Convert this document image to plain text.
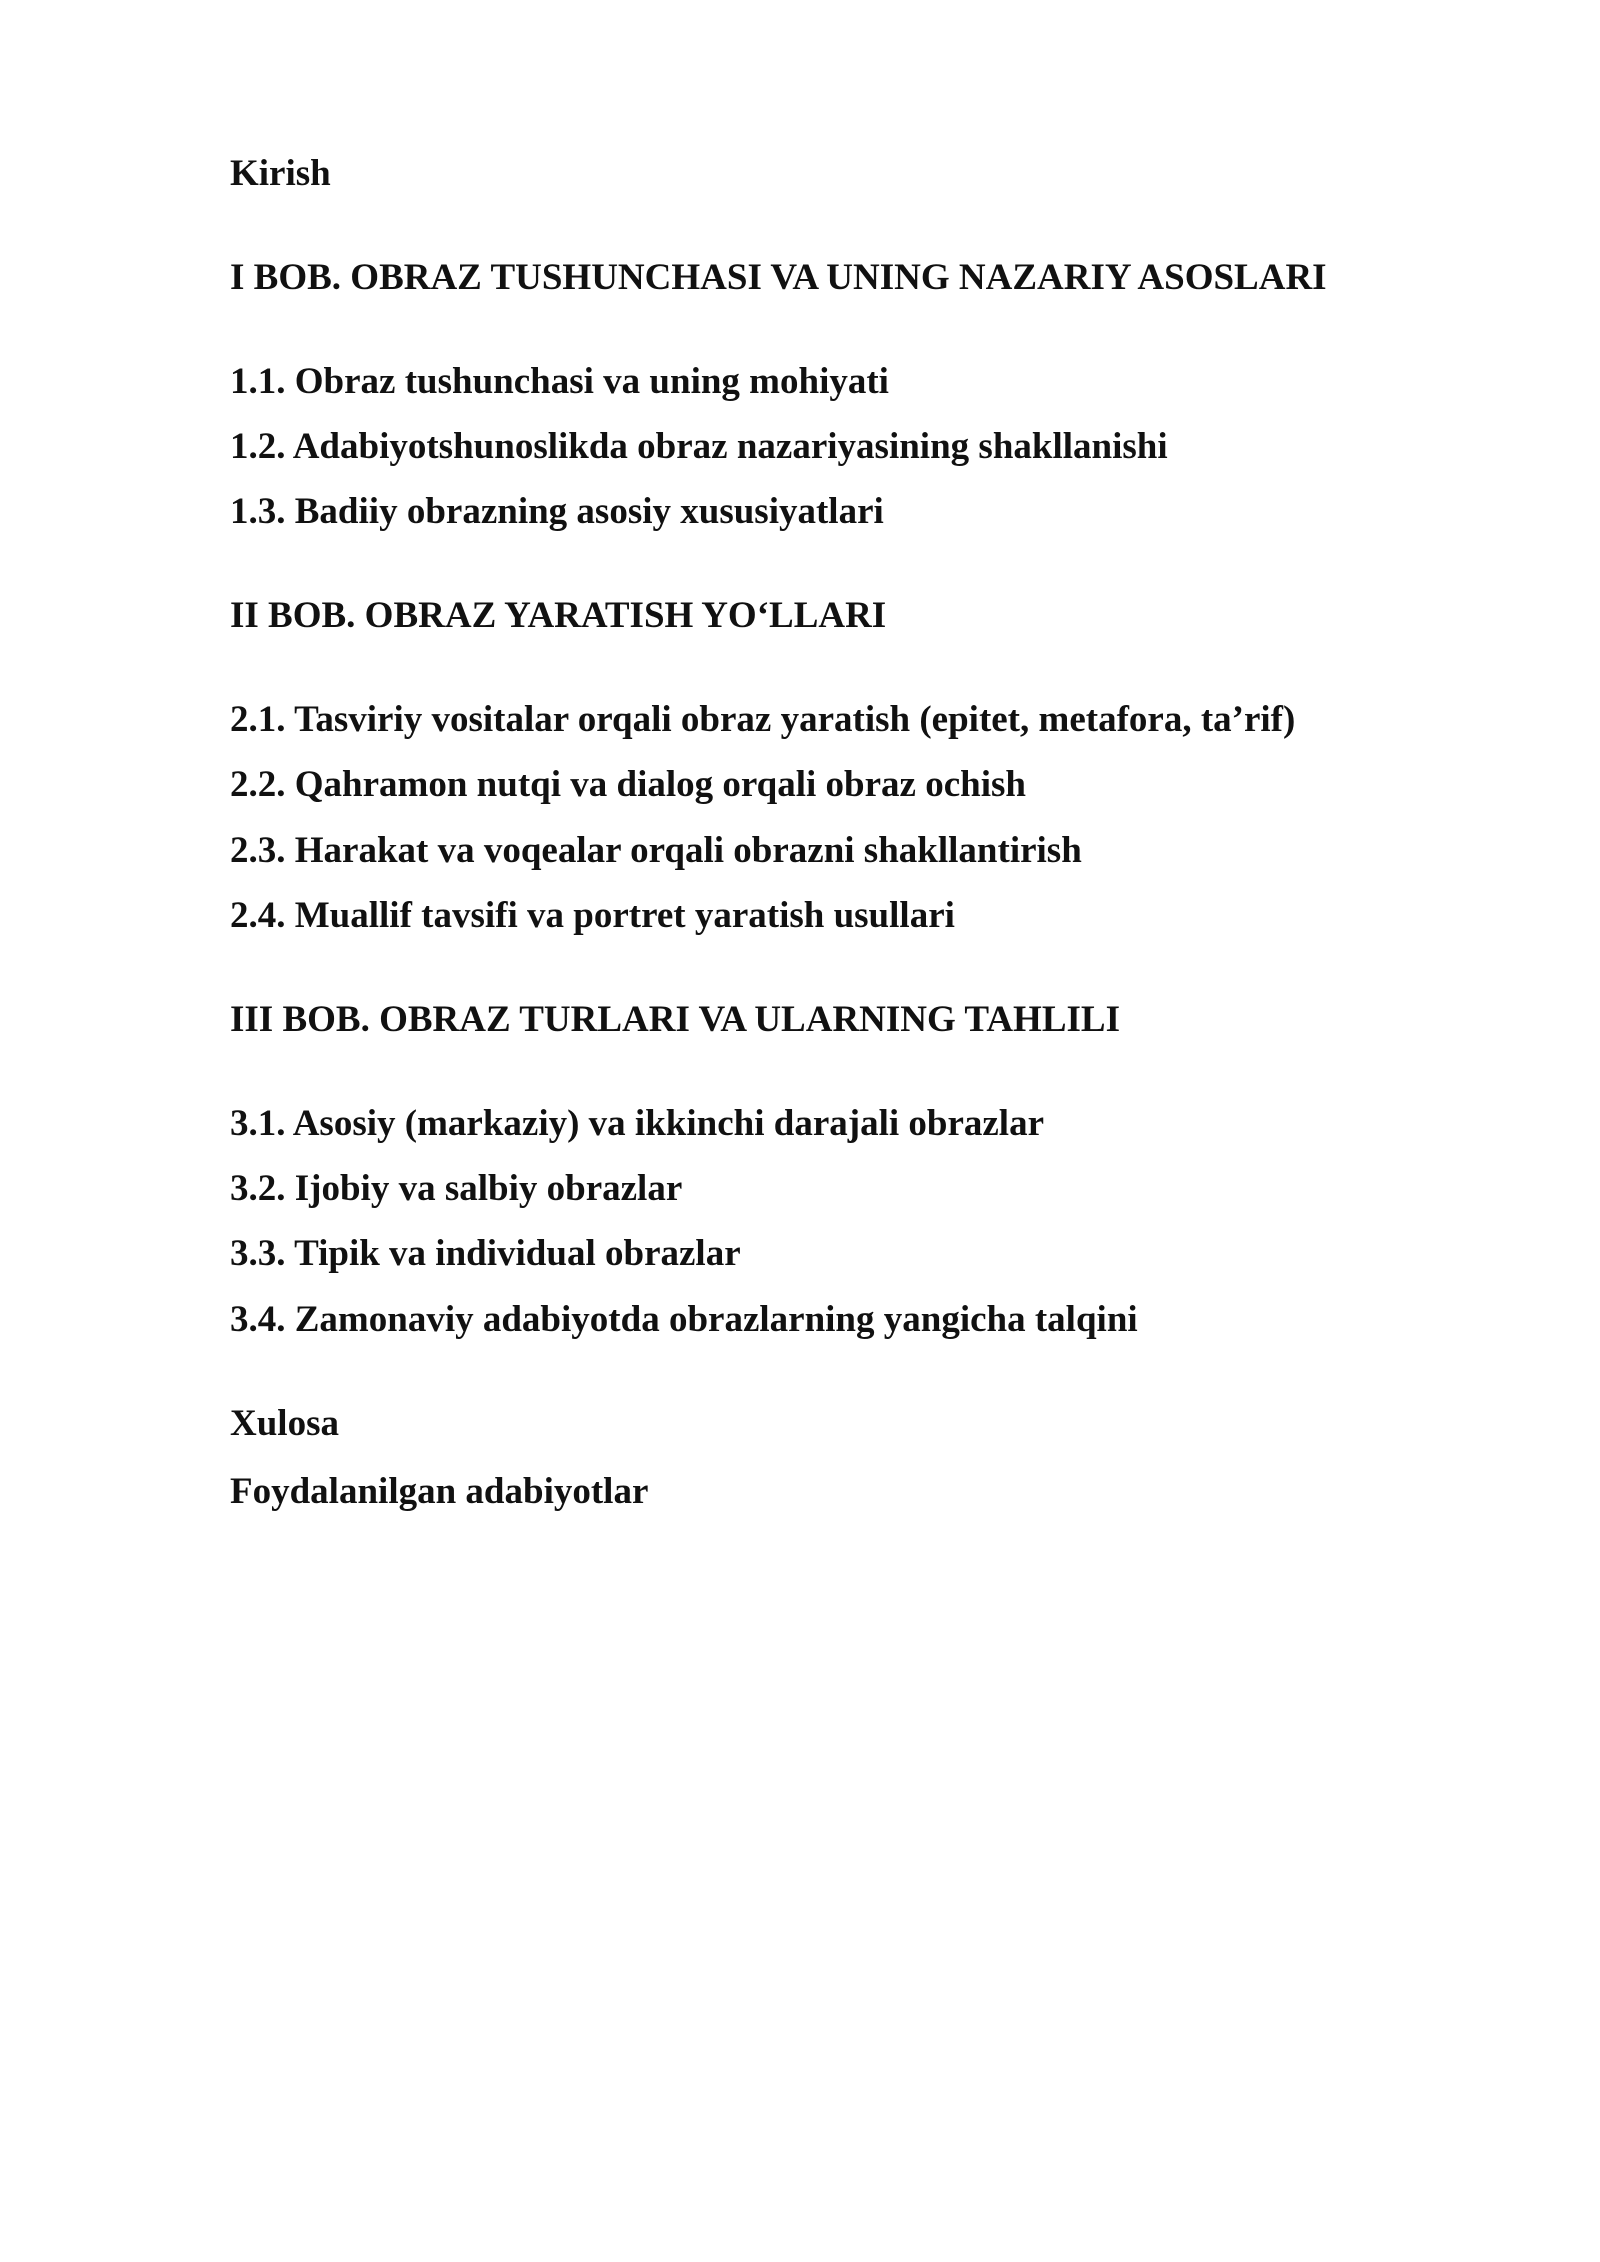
Kirish

I BOB. OBRAZ TUSHUNCHASI VA UNING NAZARIY ASOSLARI

1.1. Obraz tushunchasi va uning mohiyati

1.2. Adabiyotshunoslikda obraz nazariyasining shakllanishi

1.3. Badiiy obrazning asosiy xususiyatlari

II BOB. OBRAZ YARATISH YO‘LLARI

2.1. Tasviriy vositalar orqali obraz yaratish (epitet, metafora, ta’rif)

2.2. Qahramon nutqi va dialog orqali obraz ochish

2.3. Harakat va voqealar orqali obrazni shakllantirish

2.4. Muallif tavsifi va portret yaratish usullari

III BOB. OBRAZ TURLARI VA ULARNING TAHLILI

3.1. Asosiy (markaziy) va ikkinchi darajali obrazlar

3.2. Ijobiy va salbiy obrazlar

3.3. Tipik va individual obrazlar

3.4. Zamonaviy adabiyotda obrazlarning yangicha talqini

Xulosa

Foydalanilgan adabiyotlar
